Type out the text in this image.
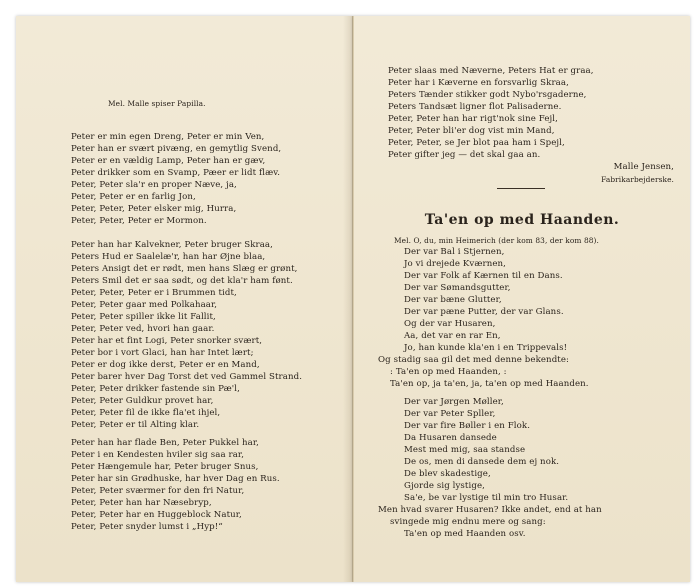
Mel. Malle spiser Papilla.
Peter er min egen Dreng, Peter er min Ven,
Peter han er svært pivæng, en gemytlig Svend,
Peter er en vældig Lamp, Peter han er gæv,
Peter drikker som en Svamp, Pæer er lidt flæv.
Peter, Peter sla'r en proper Næve, ja,
Peter, Peter er en farlig Jon,
Peter, Peter, Peter elsker mig, Hurra,
Peter, Peter, Peter er Mormon.
Peter han har Kalvekner, Peter bruger Skraa,
Peters Hud er Saalelæ'r, han har Øjne blaa,
Peters Ansigt det er rødt, men hans Slæg er grønt,
Peters Smil det er saa sødt, og det kla'r ham fønt.
Peter, Peter, Peter er i Brummen tidt,
Peter, Peter gaar med Polkahaar,
Peter, Peter spiller ikke lit Fallit,
Peter, Peter ved, hvori han gaar.
Peter har et fint Logi, Peter snorker svært,
Peter bor i vort Glaci, han har Intet lært;
Peter er dog ikke derst, Peter er en Mand,
Peter barer hver Dag Torst det ved Gammel Strand.
Peter, Peter drikker fastende sin Pæ'l,
Peter, Peter Guldkur provet har,
Peter, Peter fil de ikke fla'et ihjel,
Peter, Peter er til Alting klar.
Peter han har flade Ben, Peter Pukkel har,
Peter i en Kendesten hviler sig saa rar,
Peter Hængemule har, Peter bruger Snus,
Peter har sin Grødhuske, har hver Dag en Rus.
Peter, Peter sværmer for den fri Natur,
Peter, Peter han har Næsebryp,
Peter, Peter har en Huggeblock Natur,
Peter, Peter snyder lumst i „Hyp!“
Peter slaas med Næverne, Peters Hat er graa,
Peter har i Kæverne en forsvarlig Skraa,
Peters Tænder stikker godt Nybo'rsgaderne,
Peters Tandsæt ligner flot Palisaderne.
Peter, Peter han har rigt'nok sine Fejl,
Peter, Peter bli'er dog vist min Mand,
Peter, Peter, se Jer blot paa ham i Spejl,
Peter gifter jeg — det skal gaa an.
Malle Jensen,
Fabrikarbejderske.
Ta'en op med Haanden.
Mel. O, du, min Heimerich (der kom 83, der kom 88).
Der var Bal i Stjernen,
Jo vi drejede Kværnen,
Der var Folk af Kærnen til en Dans.
Der var Sømandsgutter,
Der var bæne Glutter,
Der var pæne Putter, der var Glans.
Og der var Husaren,
Aa, det var en rar En,
Jo, han kunde kla'en i en Trippevals!
Og stadig saa gil det med denne bekendte:
: Ta'en op med Haanden, :
Ta'en op, ja ta'en, ja, ta'en op med Haanden.
Der var Jørgen Møller,
Der var Peter Spller,
Der var fire Bøller i en Flok.
Da Husaren dansede
Mest med mig, saa standse
De os, men di dansede dem ej nok.
De blev skadestige,
Gjorde sig lystige,
Sa'e, be var lystige til min tro Husar.
Men hvad svarer Husaren? Ikke andet, end at han
svingede mig endnu mere og sang:
Ta'en op med Haanden osv.
